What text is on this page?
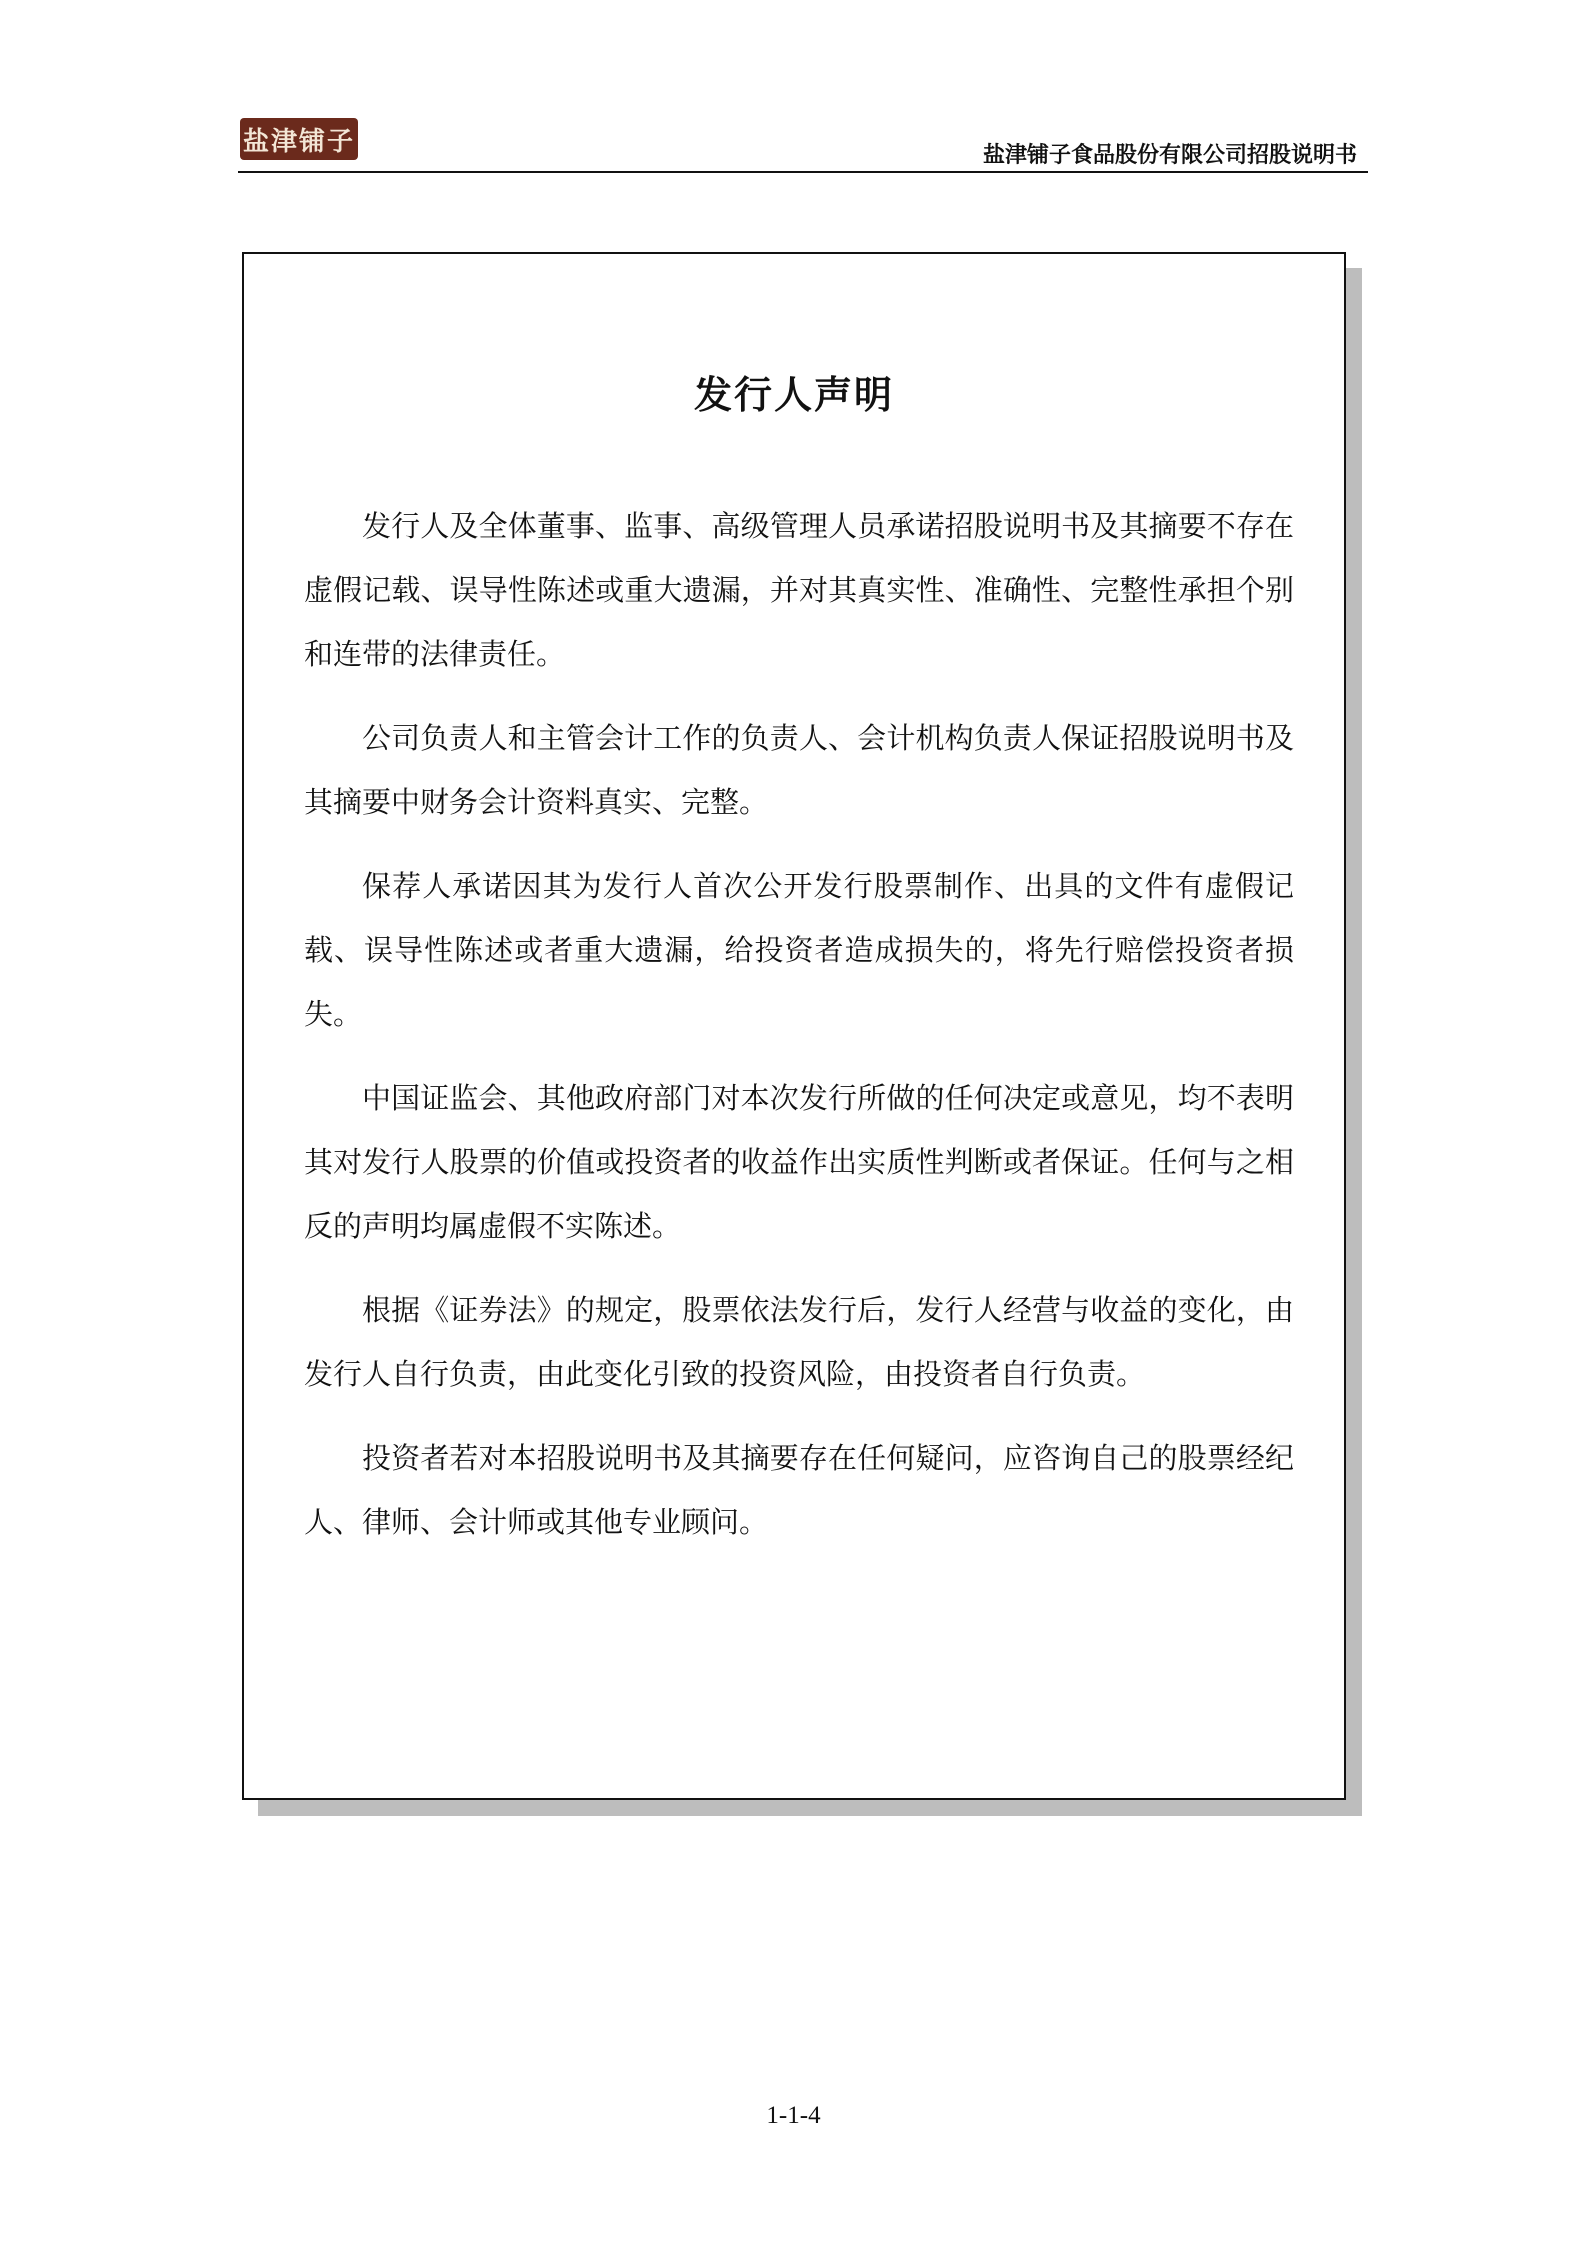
盐津铺子	盐津铺子食品股份有限公司招股说明书
发行人声明

发行人及全体董事、监事、高级管理人员承诺招股说明书及其摘要不存在虚假记载、误导性陈述或重大遗漏，并对其真实性、准确性、完整性承担个别和连带的法律责任。

公司负责人和主管会计工作的负责人、会计机构负责人保证招股说明书及其摘要中财务会计资料真实、完整。

保荐人承诺因其为发行人首次公开发行股票制作、出具的文件有虚假记载、误导性陈述或者重大遗漏，给投资者造成损失的，将先行赔偿投资者损失。

中国证监会、其他政府部门对本次发行所做的任何决定或意见，均不表明其对发行人股票的价值或投资者的收益作出实质性判断或者保证。任何与之相反的声明均属虚假不实陈述。

根据《证券法》的规定，股票依法发行后，发行人经营与收益的变化，由发行人自行负责，由此变化引致的投资风险，由投资者自行负责。

投资者若对本招股说明书及其摘要存在任何疑问，应咨询自己的股票经纪人、律师、会计师或其他专业顾问。

1-1-4
